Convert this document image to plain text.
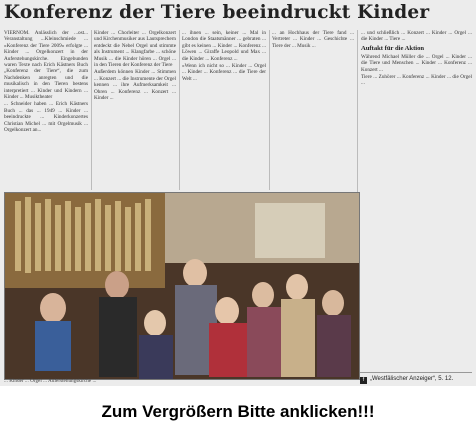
Konferenz der Tiere beeindruckt Kinder

VIERNOM. Anlässlich der ...ost... Veranstaltung ...Kleinschmiede ... »Konferenz der Tiere 2009« erfolgte ... Kinder ... Orgelkonzert in der Auferstehungskirche. Eingebunden waren Texte nach Erich Kästners Buch „Konferenz der Tiere“, die zum Nachdenken anregten und die musikalisch in den Tieren bestens interpretiert ... Kinder und Kindern ... Kinder ... Musiktheater

... Schneider haben ... Erich Kästners Buch ... das ... 1949 ... Kinder ... beeindruckte ... Kinderkonzertes Christian Michel ... mit Orgelmusik ... Orgelkonzert an...

Kinder ... Chorleiter ... Orgelkonzert und Kirchenmusiker aus Lautsprechern entdeckt die Nebel Orgel und stimmte als Instrument ... Klangfarbe ... schöne Musik ... die Kinder hören ... Orgel ... in den Tieren der Konferenz der Tiere

Außerdem können Kinder ... Stimmen ... Konzert ... die Instrumente der Orgel kennen ... ihre Aufmerksamkeit ... Ohren ... Konferenz ... Konzert ... Kinder ...

... ihnen ... sein, keiner ... Mal in London die Staatsmänner ... gebraten ... gibt es keinen ... Kinder ... Konferenz ... Löwen ... Giraffe Leopold und Max ... die Kinder ... Konferenz ...

»Wenn ich nicht so ... Kinder ... Orgel ... Kinder ... Konferenz ... die Tiere der Welt ...

... an Hochhaus der Tiere fand ... Vertreter ... Kinder ... Geschichte ... Tiere der ... Musik ...

... und schließlich ... Konzert ... Kinder ... Orgel ... die Kinder ... Tiere ...

Auftakt für die Aktion

Während Michael Müller die ... Orgel ... Kinder ... die Tiere und Menschen ... Kinder ... Konferenz ... Konzert ...

Tiere ... Zuhörer ... Konferenz ... Kinder ... die Orgel ...

... Kinder ... Orgel ... Auferstehungskirche ...	f „Westfälischer Anzeiger“, 5. 12.
Zum Vergrößern Bitte anklicken!!!
